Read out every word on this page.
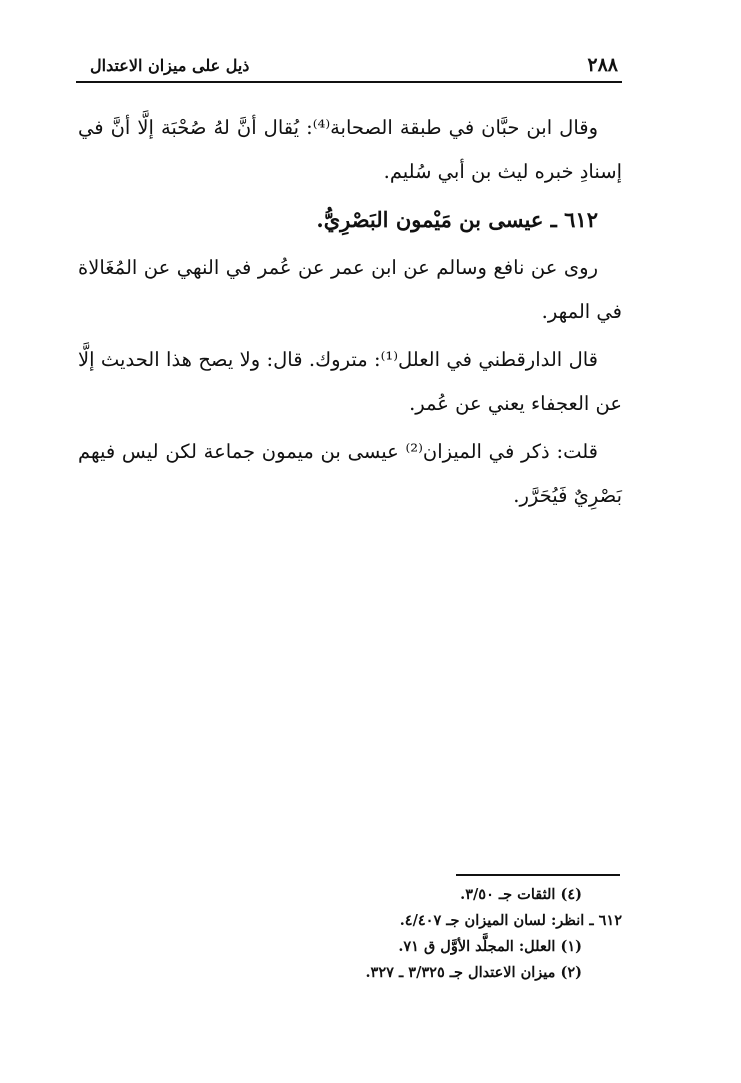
٢٨٨
ذيل على ميزان الاعتدال

وقال ابن حبَّان في طبقة الصحابة⁽⁴⁾: يُقال أنَّ لهُ صُحْبَة إلَّا أنَّ في إسنادِ خبره ليث بن أبي سُليم.

٦١٢ ـ عيسى بن مَيْمون البَصْرِيُّ.

روى عن نافع وسالم عن ابن عمر عن عُمر في النهي عن المُغَالاة في المهر.

قال الدارقطني في العلل⁽¹⁾: متروك. قال: ولا يصح هذا الحديث إلَّا عن العجفاء يعني عن عُمر.

قلت: ذكر في الميزان⁽²⁾ عيسى بن ميمون جماعة لكن ليس فيهم بَصْرِيٌ فَيُحَرَّر.

(٤) الثقات جـ ٣/٥٠.
٦١٢ ـ انظر: لسان الميزان جـ ٤/٤٠٧.
(١) العلل: المجلَّد الأوَّل ق ٧١.
(٢) ميزان الاعتدال جـ ٣/٣٢٥ ـ ٣٢٧.
